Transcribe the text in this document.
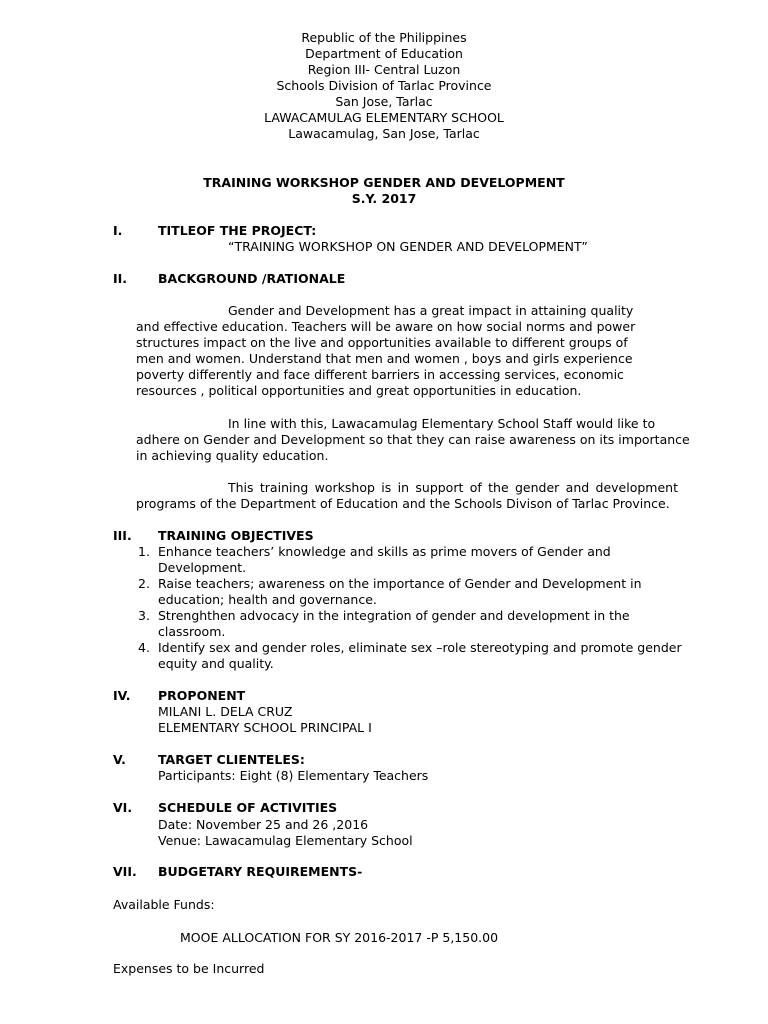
Republic of the Philippines
Department of Education
Region III- Central Luzon
Schools Division of Tarlac Province
San Jose, Tarlac
LAWACAMULAG ELEMENTARY SCHOOL
Lawacamulag, San Jose, Tarlac
TRAINING WORKSHOP GENDER AND DEVELOPMENT
S.Y. 2017
I.	TITLEOF THE PROJECT:
“TRAINING WORKSHOP ON GENDER AND DEVELOPMENT”
II. BACKGROUND /RATIONALE
Gender and Development has a great impact in attaining quality
and effective education. Teachers will be aware on how social norms and power
structures impact on the live and opportunities available to different groups of
men and women. Understand that men and women , boys and girls experience
poverty differently and face different barriers in accessing services, economic
resources , political opportunities and great opportunities in education.
In line with this, Lawacamulag Elementary School Staff would like to
adhere on Gender and Development so that they can raise awareness on its importance
in achieving quality education.
This training workshop is in support of the gender and development
programs of the Department of Education and the Schools Divison of Tarlac Province.
III. TRAINING OBJECTIVES
1. Enhance teachers’ knowledge and skills as prime movers of Gender and
Development.
2. Raise teachers; awareness on the importance of Gender and Development in
education; health and governance.
3. Strenghthen advocacy in the integration of gender and development in the
classroom.
4. Identify sex and gender roles, eliminate sex –role stereotyping and promote gender
equity and quality.
IV. PROPONENT
MILANI L. DELA CRUZ
ELEMENTARY SCHOOL PRINCIPAL I
V.	TARGET CLIENTELES:
Participants: Eight (8) Elementary Teachers
VI. SCHEDULE OF ACTIVITIES
Date: November 25 and 26 ,2016
Venue: Lawacamulag Elementary School
VII. BUDGETARY REQUIREMENTS-
Available Funds:
MOOE ALLOCATION FOR SY 2016-2017 -P 5,150.00
Expenses to be Incurred
